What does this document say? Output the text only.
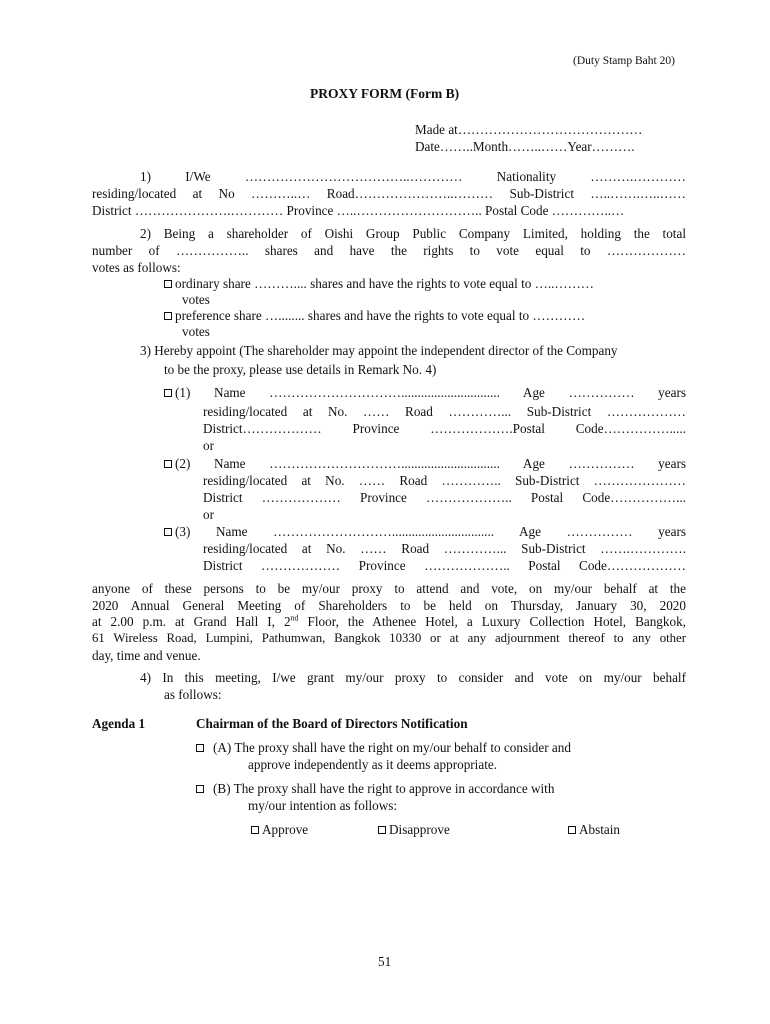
(Duty Stamp Baht 20)
PROXY FORM (Form B)
Made at……………………………………
Date……..Month……..……Year……….
1) I/We ………………………………..………… Nationality ……….…………
residing/located at No ………..… Road…………………..……… Sub-District …..…….…..……
District ………………….………… Province …..……………………….. Postal Code …………..…
2) Being a shareholder of Oishi Group Public Company Limited, holding the total
number of …………….. shares and have the rights to vote equal to ………………
votes as follows:
ordinary share ……….... shares and have the rights to vote equal to …..………
votes
preference share …........ shares and have the rights to vote equal to …………
votes
3) Hereby appoint (The shareholder may appoint the independent director of the Company
to be the proxy, please use details in Remark No. 4)
(1) Name ………………………….............................. Age …………… years
residing/located at No. …… Road …………... Sub-District ………………
District……………… Province ……………….Postal Code…………….....
or
(2) Name ………………………….............................. Age …………… years
residing/located at No. …… Road ………….. Sub-District …………………
District ……………… Province ……………….. Postal Code……………...
or
(3) Name ………………………............................... Age …………… years
residing/located at No. …… Road …………... Sub-District …….………….
District ……………… Province ……………….. Postal Code………………
anyone of these persons to be my/our proxy to attend and vote, on my/our behalf at the
2020 Annual General Meeting of Shareholders to be held on Thursday, January 30, 2020
at 2.00 p.m. at Grand Hall I, 2nd Floor, the Athenee Hotel, a Luxury Collection Hotel, Bangkok,
61 Wireless Road, Lumpini, Pathumwan, Bangkok 10330 or at any adjournment thereof to any other
day, time and venue.
4) In this meeting, I/we grant my/our proxy to consider and vote on my/our behalf
as follows:
Agenda 1	Chairman of the Board of Directors Notification
(A) The proxy shall have the right on my/our behalf to consider and
approve independently as it deems appropriate.
(B) The proxy shall have the right to approve in accordance with
my/our intention as follows:
Approve	Disapprove	Abstain
51
